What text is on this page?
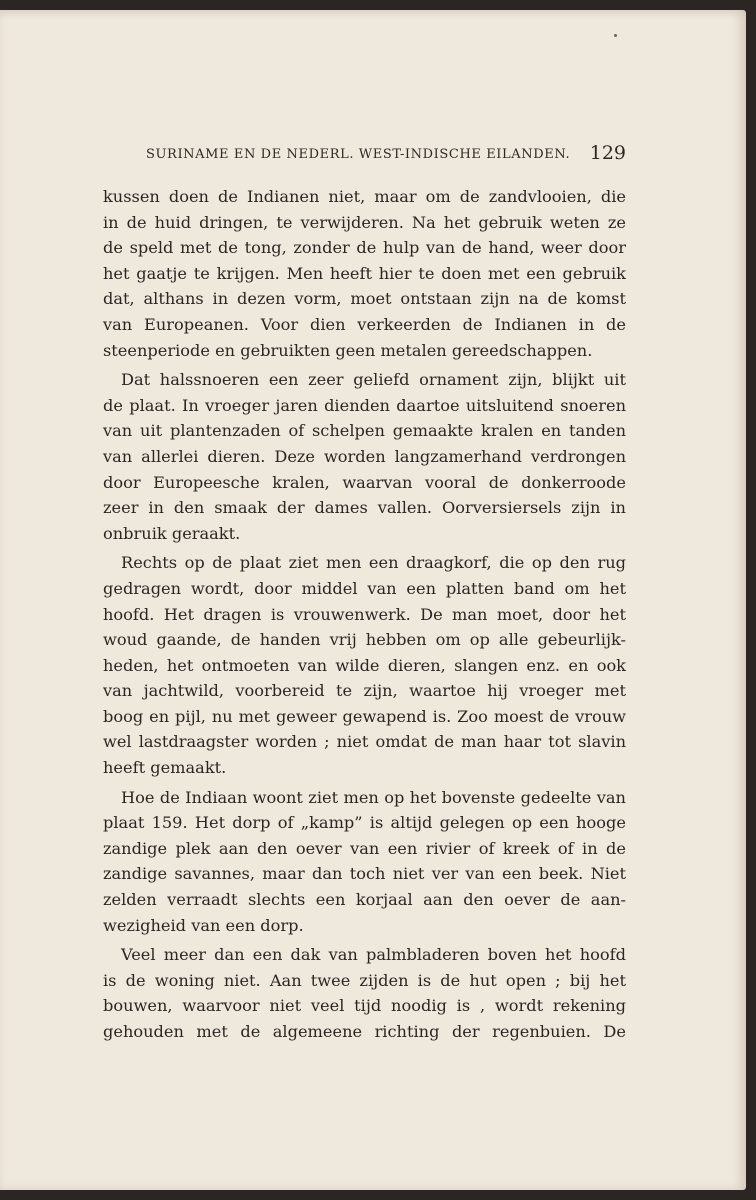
SURINAME EN DE NEDERL. WEST-INDISCHE EILANDEN. 129
kussen doen de Indianen niet, maar om de zandvlooien, die
in de huid dringen, te verwijderen. Na het gebruik weten ze
de speld met de tong, zonder de hulp van de hand, weer door
het gaatje te krijgen. Men heeft hier te doen met een gebruik
dat, althans in dezen vorm, moet ontstaan zijn na de komst
van Europeanen. Voor dien verkeerden de Indianen in de
steenperiode en gebruikten geen metalen gereedschappen.
Dat halssnoeren een zeer geliefd ornament zijn, blijkt uit
de plaat. In vroeger jaren dienden daartoe uitsluitend snoeren
van uit plantenzaden of schelpen gemaakte kralen en tanden
van allerlei dieren. Deze worden langzamerhand verdrongen
door Europeesche kralen, waarvan vooral de donkerroode
zeer in den smaak der dames vallen. Oorversiersels zijn in
onbruik geraakt.
Rechts op de plaat ziet men een draagkorf, die op den rug
gedragen wordt, door middel van een platten band om het
hoofd. Het dragen is vrouwenwerk. De man moet, door het
woud gaande, de handen vrij hebben om op alle gebeurlijk-
heden, het ontmoeten van wilde dieren, slangen enz. en ook
van jachtwild, voorbereid te zijn, waartoe hij vroeger met
boog en pijl, nu met geweer gewapend is. Zoo moest de vrouw
wel lastdraagster worden ; niet omdat de man haar tot slavin
heeft gemaakt.
Hoe de Indiaan woont ziet men op het bovenste gedeelte van
plaat 159. Het dorp of „kamp” is altijd gelegen op een hooge
zandige plek aan den oever van een rivier of kreek of in de
zandige savannes, maar dan toch niet ver van een beek. Niet
zelden verraadt slechts een korjaal aan den oever de aan-
wezigheid van een dorp.
Veel meer dan een dak van palmbladeren boven het hoofd
is de woning niet. Aan twee zijden is de hut open ; bij het
bouwen, waarvoor niet veel tijd noodig is , wordt rekening
gehouden met de algemeene richting der regenbuien. De
